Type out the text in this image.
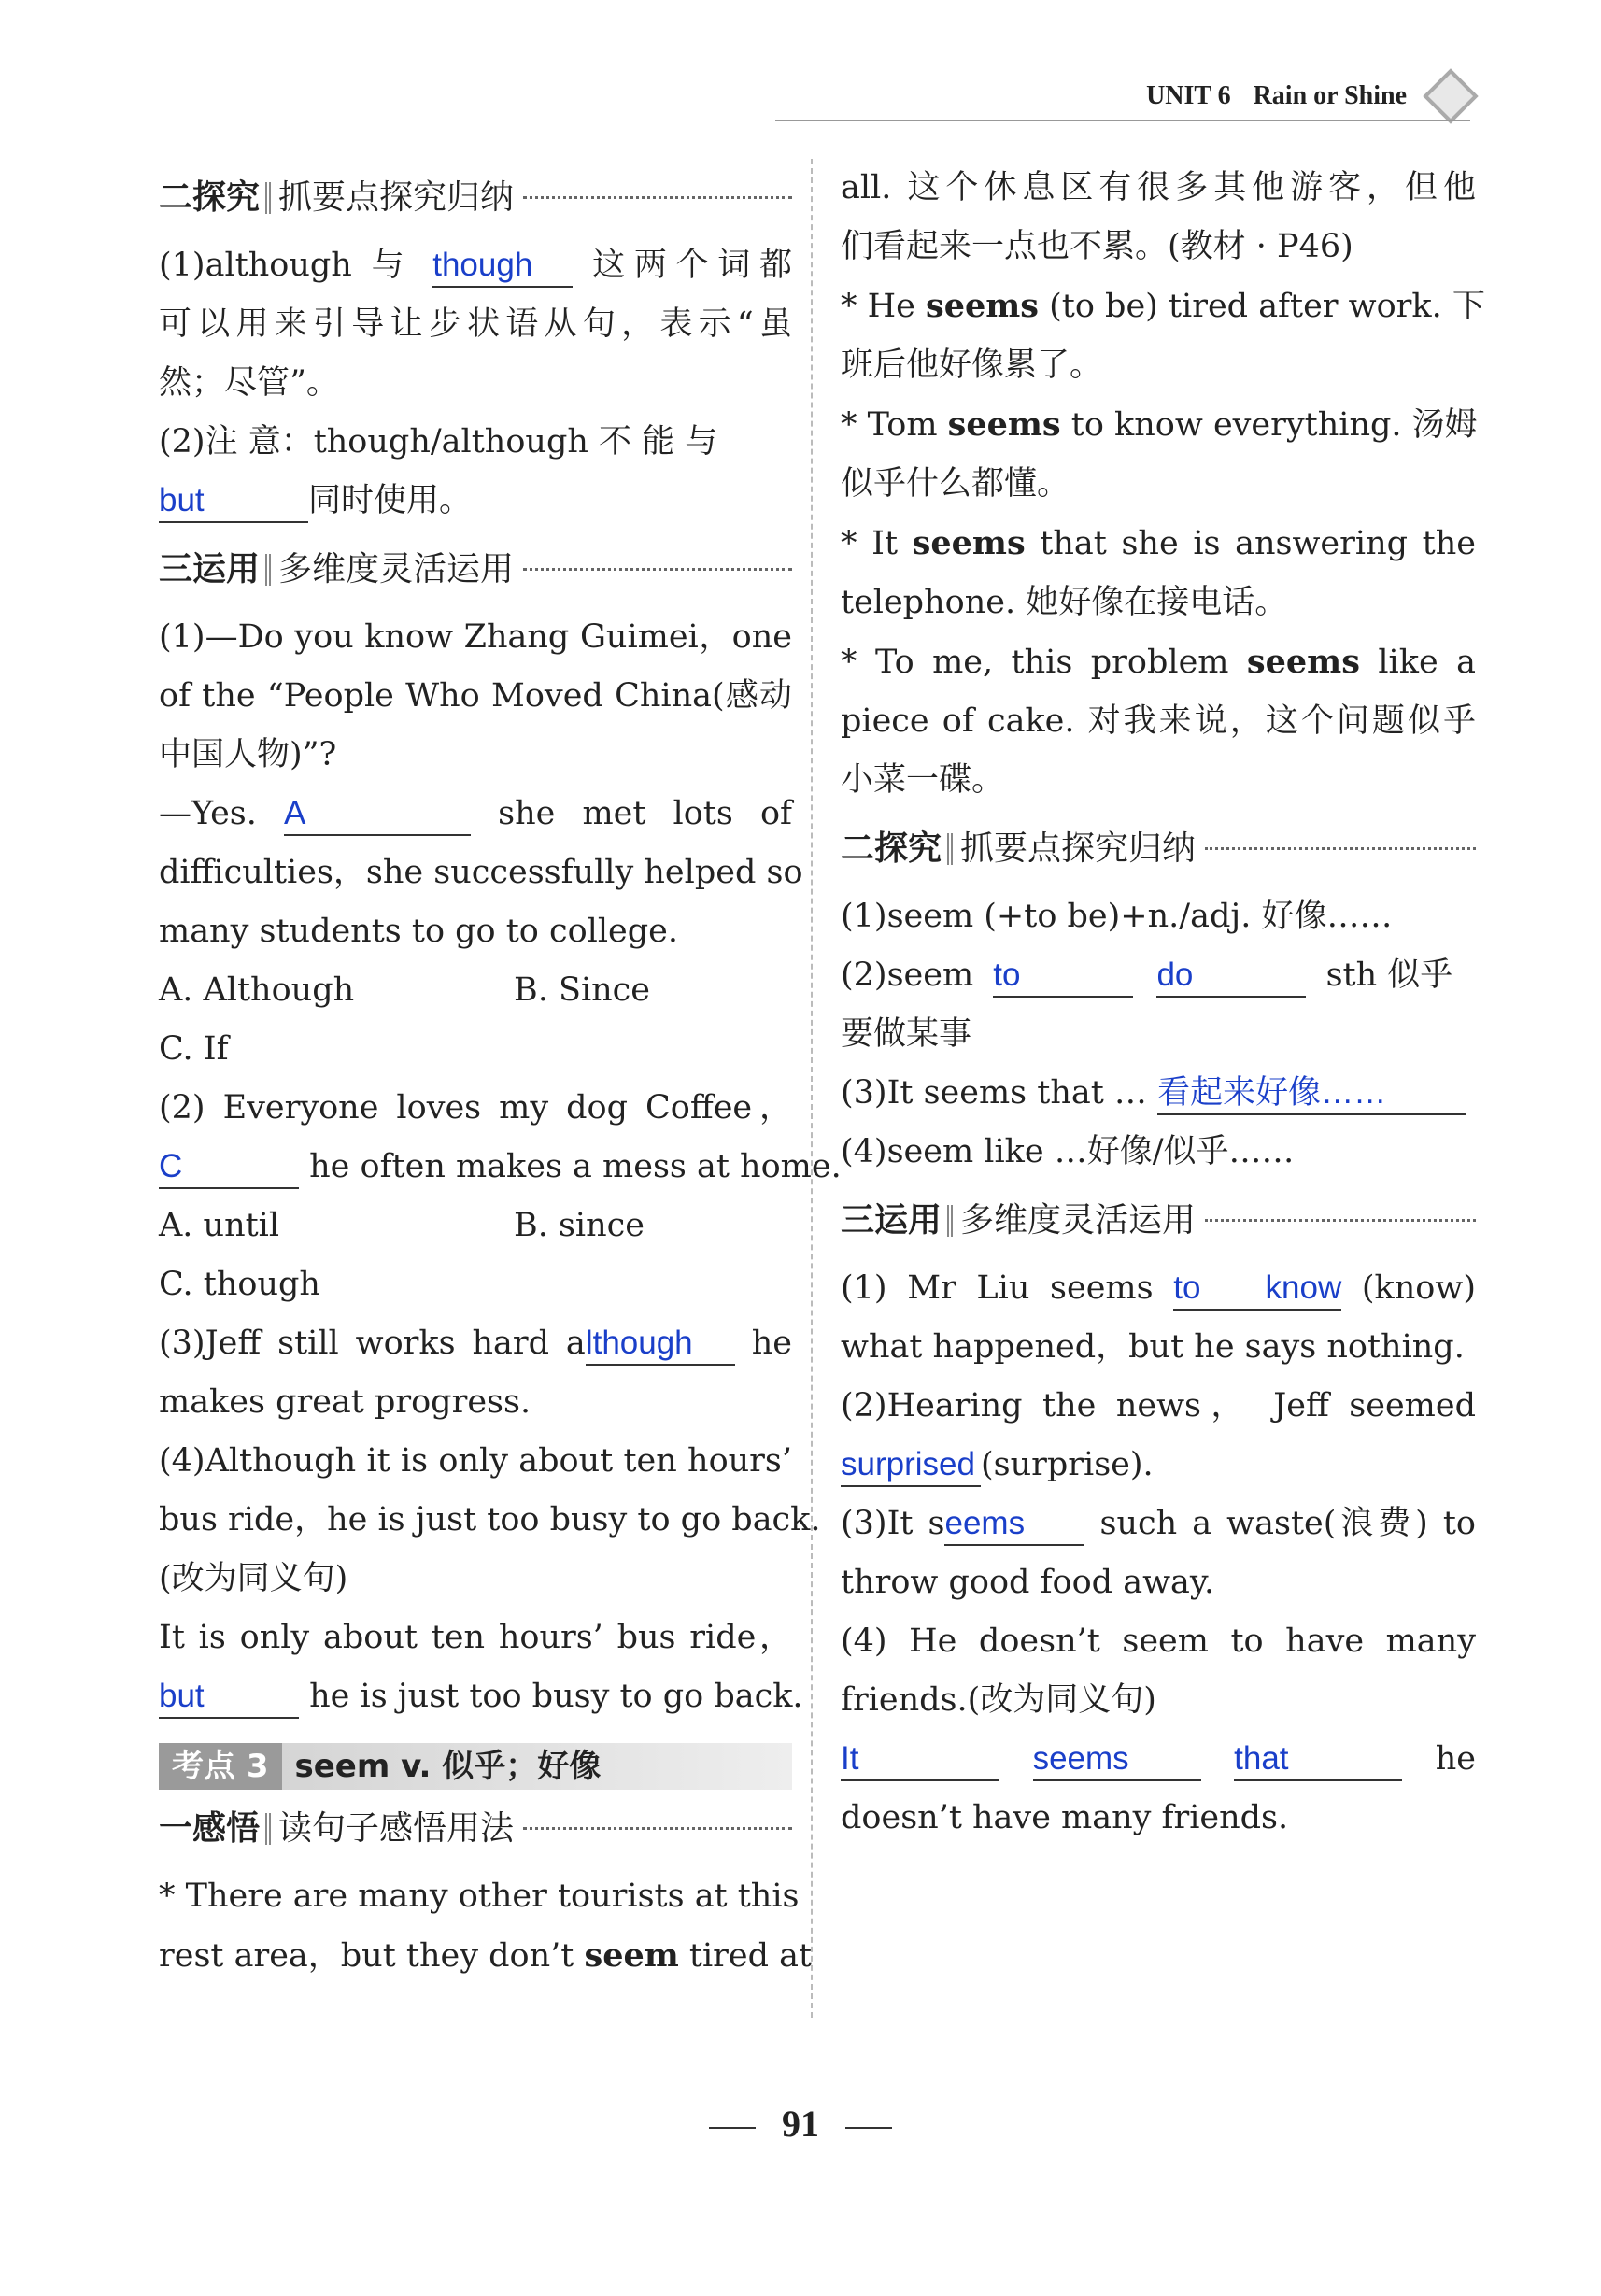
UNIT 6 Rain or Shine
二探究 抓要点探究归纳
(1)although 与 though 这两个词都
可以用来引导让步状语从句，表示“虽
然；尽管”。
(2)注 意：though/although 不 能 与
but	同时使用。
三运用 多维度灵活运用
(1)—Do you know Zhang Guimei，one
of the “People Who Moved China(感动
中国人物)”?
—Yes. A	she met lots of
difficulties，she successfully helped so
many students to go to college.
A. Although	B. Since
C. If
(2) Everyone loves my dog Coffee，
C	he often makes a mess at home.
A. until	B. since
C. though
(3)Jeff still works hard although he
makes great progress.
(4)Although it is only about ten hours’
bus ride，he is just too busy to go back.
(改为同义句)
It is only about ten hours’ bus ride，
but	he is just too busy to go back.
考点 3 seem v. 似乎；好像
一感悟 读句子感悟用法
* There are many other tourists at this
rest area，but they don’t seem tired at
all. 这个休息区有很多其他游客，但他
们看起来一点也不累。(教材 · P46)
* He seems (to be) tired after work. 下
班后他好像累了。
* Tom seems to know everything. 汤姆
似乎什么都懂。
* It seems that she is answering the
telephone. 她好像在接电话。
* To me, this problem seems like a
piece of cake. 对我来说，这个问题似乎
小菜一碟。
二探究 抓要点探究归纳
(1)seem (+to be)+n./adj. 好像……
(2)seem to	do	sth 似乎
要做某事
(3)It seems that … 看起来好像……
(4)seem like …好像/似乎……
三运用 多维度灵活运用
(1) Mr Liu seems to know (know)
what happened，but he says nothing.
(2)Hearing the news， Jeff seemed
surprised (surprise).
(3)It seems such a waste(浪费) to
throw good food away.
(4) He doesn’t seem to have many
friends.(改为同义句)
It	seems	that	he
doesn’t have many friends.
91
